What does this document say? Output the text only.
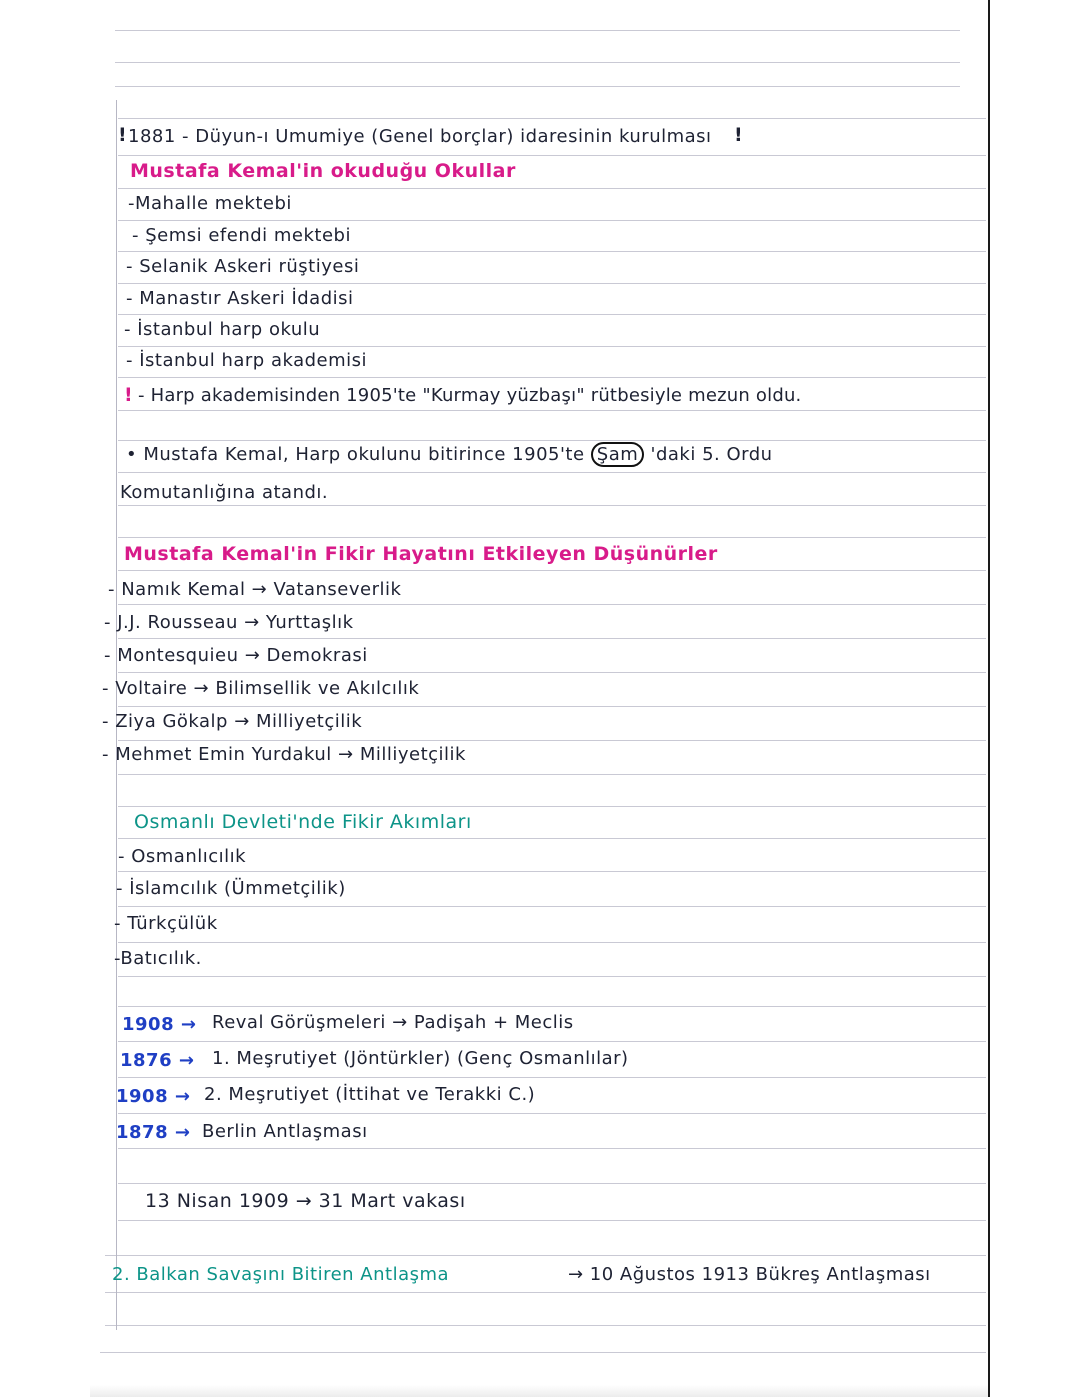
! 1881 - Düyun-ı Umumiye (Genel borçlar) idaresinin kurulması !
Mustafa Kemal'in okuduğu Okullar
-Mahalle mektebi
- Şemsi efendi mektebi
- Selanik Askeri rüştiyesi
- Manastır Askeri İdadisi
- İstanbul harp okulu
- İstanbul harp akademisi
! - Harp akademisinden 1905'te "Kurmay yüzbaşı" rütbesiyle mezun oldu.
• Mustafa Kemal, Harp okulunu bitirince 1905'te Şam 'daki 5. Ordu
Komutanlığına atandı.
Mustafa Kemal'in Fikir Hayatını Etkileyen Düşünürler
- Namık Kemal → Vatanseverlik
- J.J. Rousseau → Yurttaşlık
- Montesquieu → Demokrasi
- Voltaire → Bilimsellik ve Akılcılık
- Ziya Gökalp → Milliyetçilik
- Mehmet Emin Yurdakul → Milliyetçilik
Osmanlı Devleti'nde Fikir Akımları
- Osmanlıcılık
- İslamcılık (Ümmetçilik)
- Türkçülük
-Batıcılık.
1908 → Reval Görüşmeleri → Padişah + Meclis
1876 → 1. Meşrutiyet (Jöntürkler) (Genç Osmanlılar)
1908 → 2. Meşrutiyet (İttihat ve Terakki C.)
1878 → Berlin Antlaşması
13 Nisan 1909 → 31 Mart vakası
2. Balkan Savaşını Bitiren Antlaşma	→ 10 Ağustos 1913 Bükreş Antlaşması
